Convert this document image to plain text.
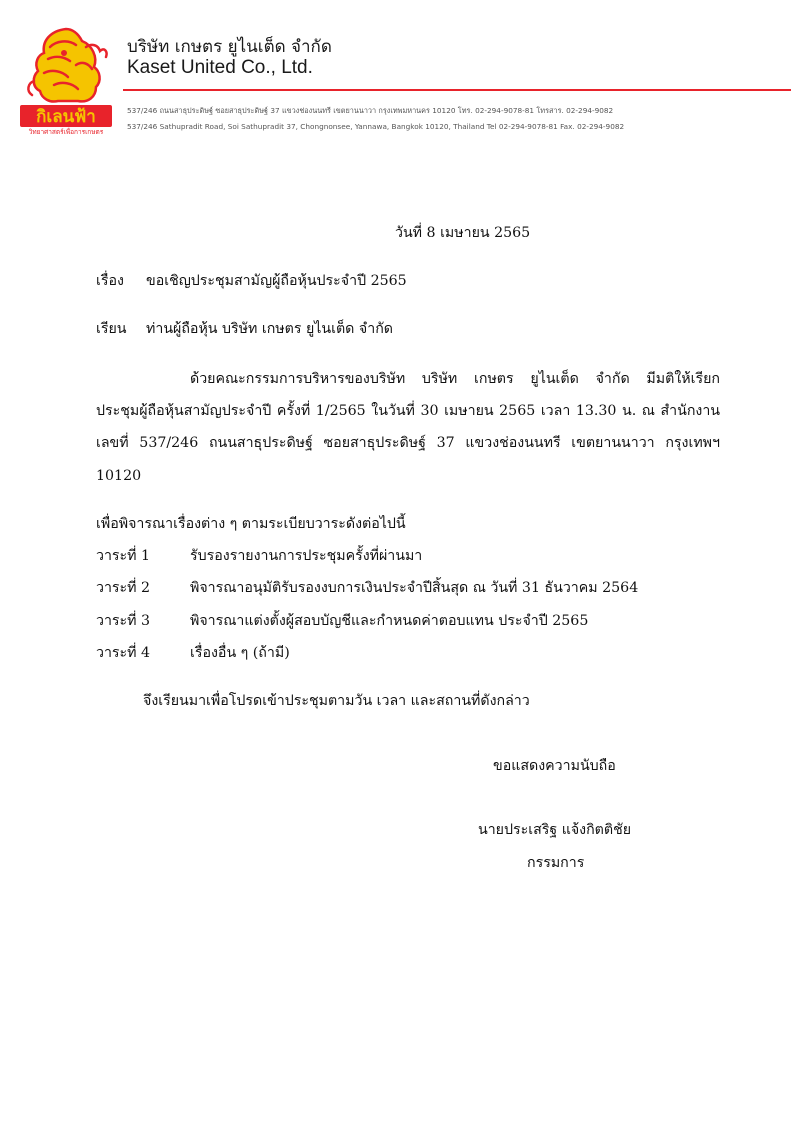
กิเลนฟ้า
วิทยาศาสตร์เพื่อการเกษตร
บริษัท เกษตร ยูไนเต็ด จำกัด
Kaset United Co., Ltd.
537/246 ถนนสาธุประดิษฐ์ ซอยสาธุประดิษฐ์ 37 แขวงช่องนนทรี เขตยานนาวา กรุงเทพมหานคร 10120 โทร. 02-294-9078-81 โทรสาร. 02-294-9082
537/246 Sathupradit Road, Soi Sathupradit 37, Chongnonsee, Yannawa, Bangkok 10120, Thailand Tel 02-294-9078-81 Fax. 02-294-9082
วันที่ 8 เมษายน 2565
เรื่อง ขอเชิญประชุมสามัญผู้ถือหุ้นประจำปี 2565
เรียน ท่านผู้ถือหุ้น บริษัท เกษตร ยูไนเต็ด จำกัด
ด้วยคณะกรรมการบริหารของบริษัท บริษัท เกษตร ยูไนเต็ด จำกัด มีมติให้เรียก
ประชุมผู้ถือหุ้นสามัญประจำปี ครั้งที่ 1/2565 ในวันที่ 30 เมษายน 2565 เวลา 13.30 น. ณ สำนักงาน
เลขที่ 537/246 ถนนสาธุประดิษฐ์ ซอยสาธุประดิษฐ์ 37 แขวงช่องนนทรี เขตยานนาวา กรุงเทพฯ
10120
เพื่อพิจารณาเรื่องต่าง ๆ ตามระเบียบวาระดังต่อไปนี้
วาระที่ 1	รับรองรายงานการประชุมครั้งที่ผ่านมา
วาระที่ 2	พิจารณาอนุมัติรับรองงบการเงินประจำปีสิ้นสุด ณ วันที่ 31 ธันวาคม 2564
วาระที่ 3	พิจารณาแต่งตั้งผู้สอบบัญชีและกำหนดค่าตอบแทน ประจำปี 2565
วาระที่ 4	เรื่องอื่น ๆ (ถ้ามี)
จึงเรียนมาเพื่อโปรดเข้าประชุมตามวัน เวลา และสถานที่ดังกล่าว
ขอแสดงความนับถือ
นายประเสริฐ แจ้งกิตติชัย
กรรมการ
